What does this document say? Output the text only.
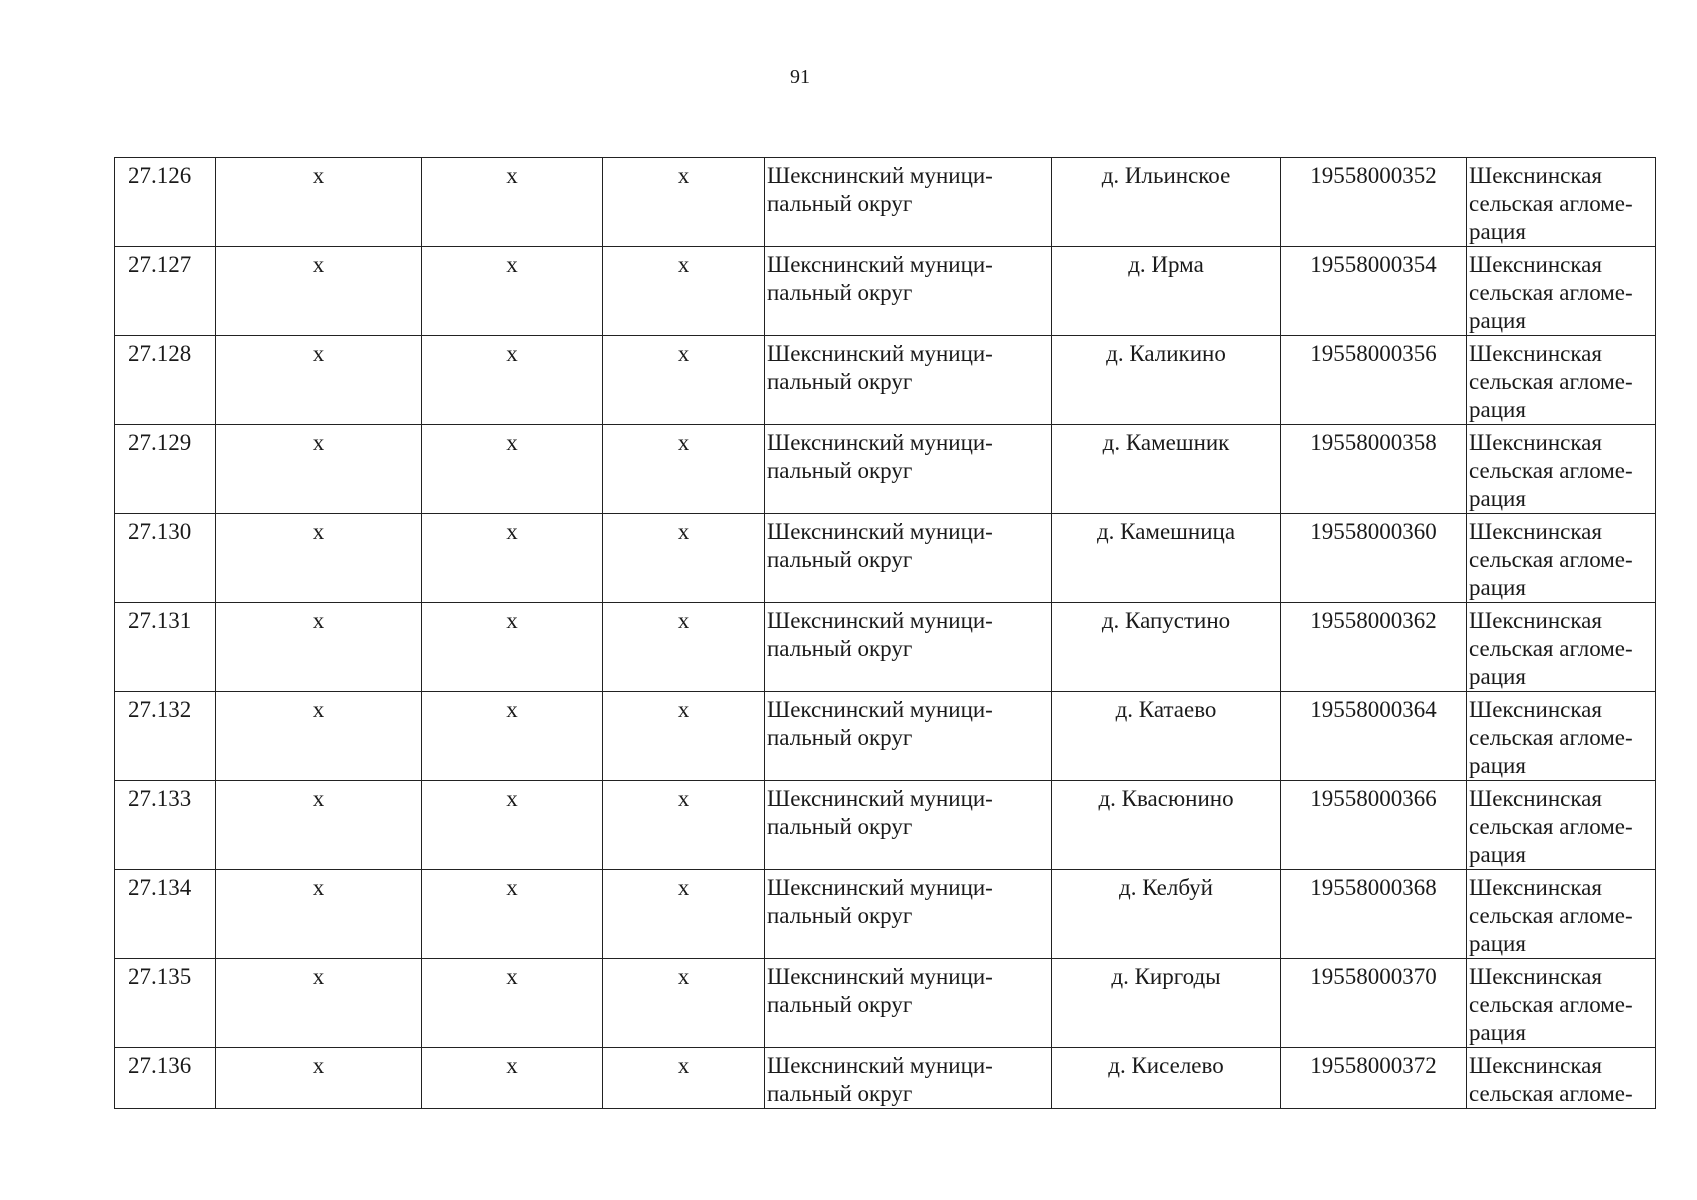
91
27.126	x	x	x	Шекснинский муници-
пальный округ	д. Ильинское	19558000352	Шекснинская
сельская агломе-
рация

27.127	x	x	x	Шекснинский муници-
пальный округ	д. Ирма	19558000354	Шекснинская
сельская агломе-
рация

27.128	x	x	x	Шекснинский муници-
пальный округ	д. Каликино	19558000356	Шекснинская
сельская агломе-
рация

27.129	x	x	x	Шекснинский муници-
пальный округ	д. Камешник	19558000358	Шекснинская
сельская агломе-
рация

27.130	x	x	x	Шекснинский муници-
пальный округ	д. Камешница	19558000360	Шекснинская
сельская агломе-
рация

27.131	x	x	x	Шекснинский муници-
пальный округ	д. Капустино	19558000362	Шекснинская
сельская агломе-
рация

27.132	x	x	x	Шекснинский муници-
пальный округ	д. Катаево	19558000364	Шекснинская
сельская агломе-
рация

27.133	x	x	x	Шекснинский муници-
пальный округ	д. Квасюнино	19558000366	Шекснинская
сельская агломе-
рация

27.134	x	x	x	Шекснинский муници-
пальный округ	д. Келбуй	19558000368	Шекснинская
сельская агломе-
рация

27.135	x	x	x	Шекснинский муници-
пальный округ	д. Киргоды	19558000370	Шекснинская
сельская агломе-
рация

27.136	x	x	x	Шекснинский муници-
пальный округ	д. Киселево	19558000372	Шекснинская
сельская агломе-
